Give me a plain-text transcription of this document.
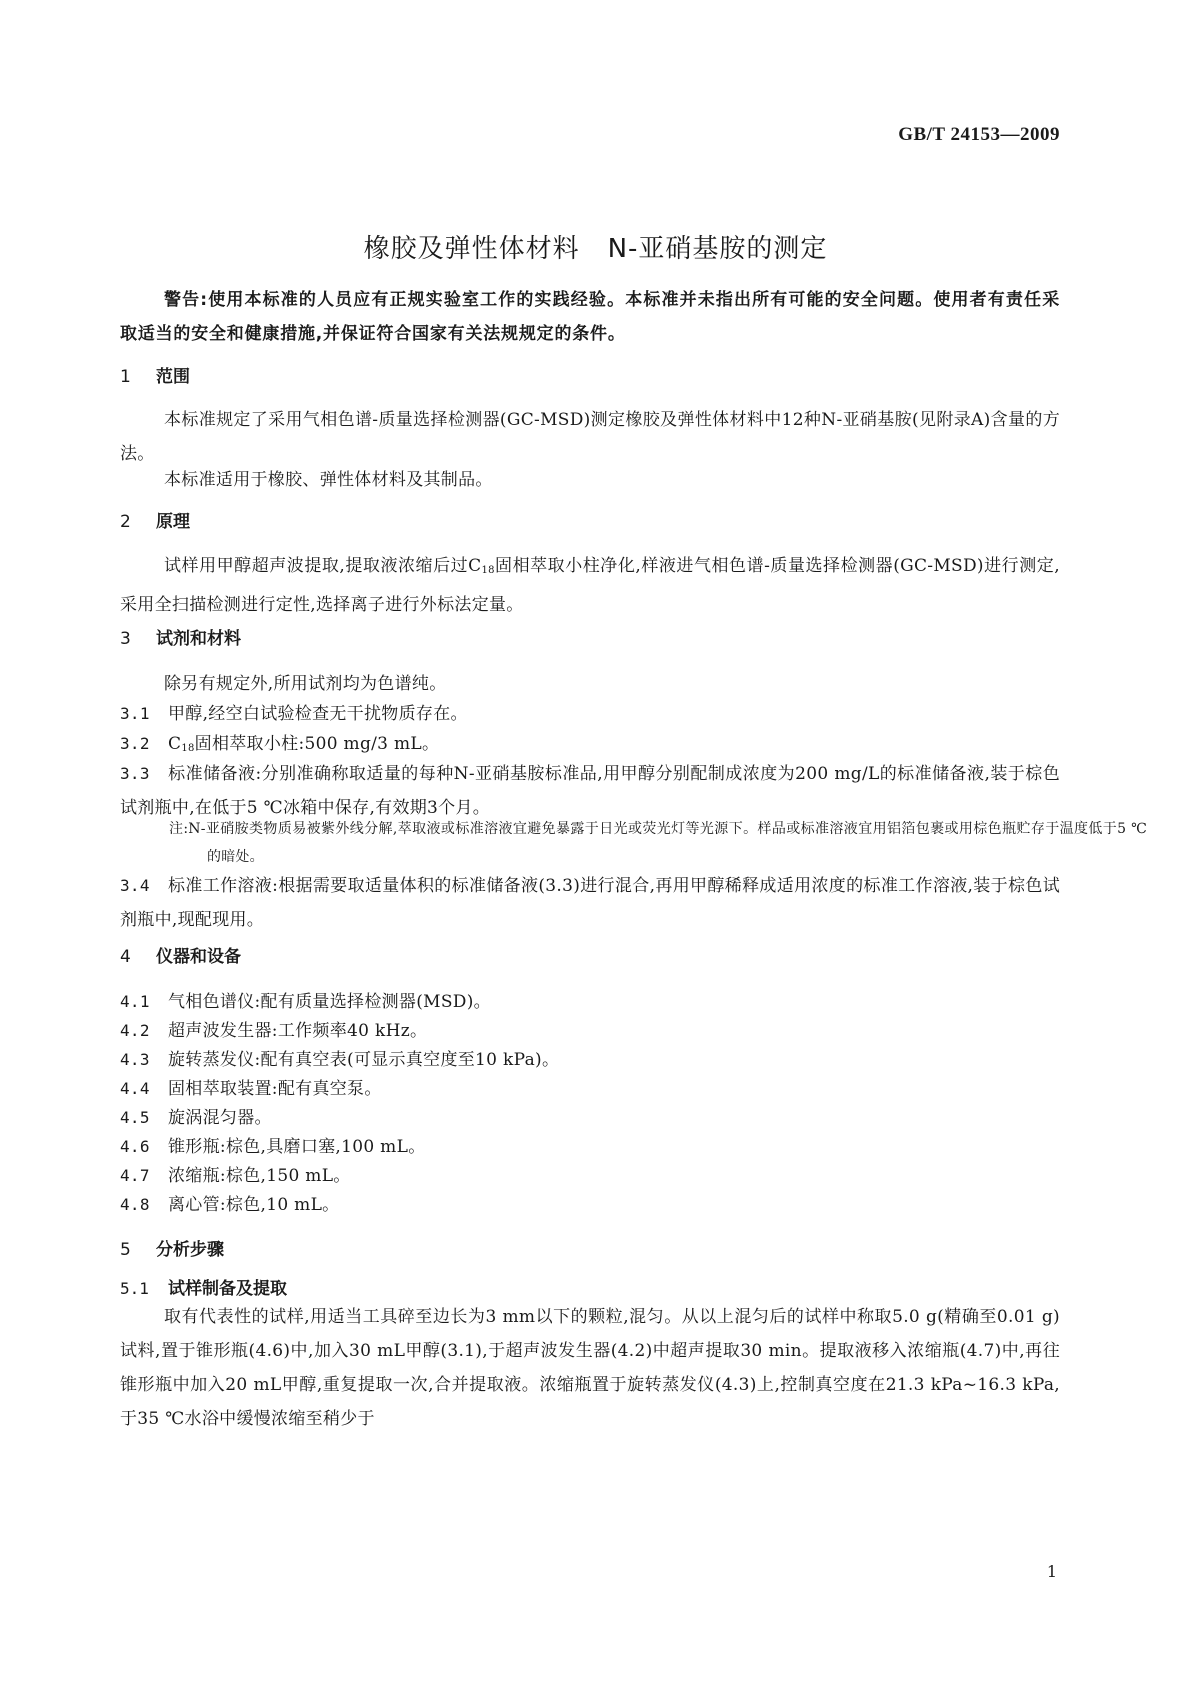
GB/T 24153—2009
橡胶及弹性体材料 N-亚硝基胺的测定
警告:使用本标准的人员应有正规实验室工作的实践经验。本标准并未指出所有可能的安全问题。使用者有责任采取适当的安全和健康措施,并保证符合国家有关法规规定的条件。
1 范围
本标准规定了采用气相色谱-质量选择检测器(GC-MSD)测定橡胶及弹性体材料中12种N-亚硝基胺(见附录A)含量的方法。
本标准适用于橡胶、弹性体材料及其制品。
2 原理
试样用甲醇超声波提取,提取液浓缩后过$C_{18}$固相萃取小柱净化,样液进气相色谱-质量选择检测器(GC-MSD)进行测定,采用全扫描检测进行定性,选择离子进行外标法定量。
3 试剂和材料
除另有规定外,所用试剂均为色谱纯。
3.1 甲醇,经空白试验检查无干扰物质存在。
3.2 $C_{18}$固相萃取小柱:500 mg/3 mL。
3.3 标准储备液:分别准确称取适量的每种N-亚硝基胺标准品,用甲醇分别配制成浓度为200 mg/L的标准储备液,装于棕色试剂瓶中,在低于5 ℃冰箱中保存,有效期3个月。
注:N-亚硝胺类物质易被紫外线分解,萃取液或标准溶液宜避免暴露于日光或荧光灯等光源下。样品或标准溶液宜用铝箔包裹或用棕色瓶贮存于温度低于5 ℃的暗处。
3.4 标准工作溶液:根据需要取适量体积的标准储备液(3.3)进行混合,再用甲醇稀释成适用浓度的标准工作溶液,装于棕色试剂瓶中,现配现用。
4 仪器和设备
4.1 气相色谱仪:配有质量选择检测器(MSD)。
4.2 超声波发生器:工作频率40 kHz。
4.3 旋转蒸发仪:配有真空表(可显示真空度至10 kPa)。
4.4 固相萃取装置:配有真空泵。
4.5 旋涡混匀器。
4.6 锥形瓶:棕色,具磨口塞,100 mL。
4.7 浓缩瓶:棕色,150 mL。
4.8 离心管:棕色,10 mL。
5 分析步骤
5.1 试样制备及提取
取有代表性的试样,用适当工具碎至边长为3 mm以下的颗粒,混匀。从以上混匀后的试样中称取5.0 g(精确至0.01 g)试料,置于锥形瓶(4.6)中,加入30 mL甲醇(3.1),于超声波发生器(4.2)中超声提取30 min。提取液移入浓缩瓶(4.7)中,再往锥形瓶中加入20 mL甲醇,重复提取一次,合并提取液。浓缩瓶置于旋转蒸发仪(4.3)上,控制真空度在21.3 kPa~16.3 kPa,于35 ℃水浴中缓慢浓缩至稍少于
1
